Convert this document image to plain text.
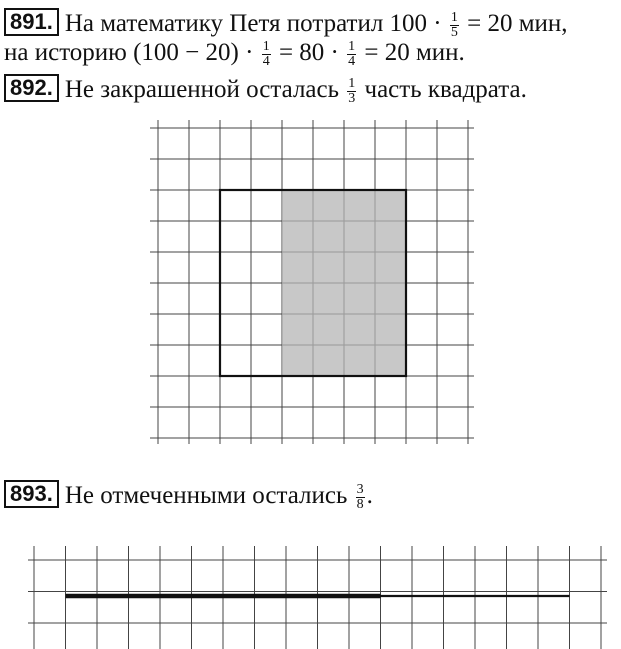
891. На математику Петя потратил $100 \cdot \frac{1}{5} = 20$ мин,
на историю $(100 - 20) \cdot \frac{1}{4} = 80 \cdot \frac{1}{4} = 20$ мин.
892. Не закрашенной осталась $\frac{1}{3}$ часть квадрата.
893. Не отмеченными остались $\frac{3}{8}$ .
